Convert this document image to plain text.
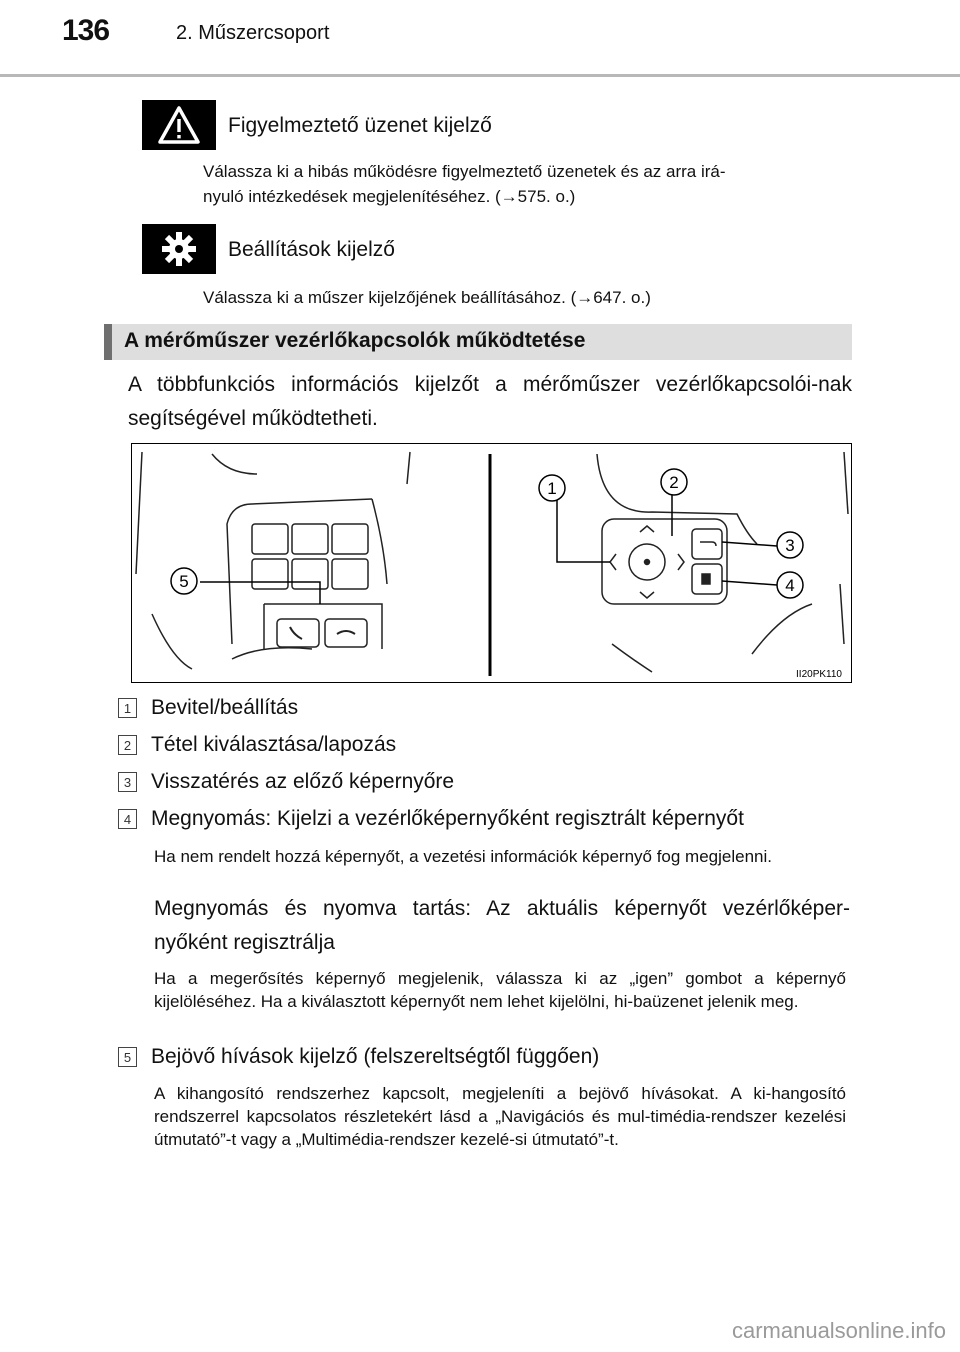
136	2. Műszercsoport
Figyelmeztető üzenet kijelző
Válassza ki a hibás működésre figyelmeztető üzenetek és az arra irá-
nyuló intézkedések megjelenítéséhez. (→575. o.)
Beállítások kijelző
Válassza ki a műszer kijelzőjének beállításához. (→647. o.)
A mérőműszer vezérlőkapcsolók működtetése
A többfunkciós információs kijelzőt a mérőműszer vezérlőkapcsolói-nak segítségével működtetheti.
1	2
3
4
5
II20PK110
1 Bevitel/beállítás
2 Tétel kiválasztása/lapozás
3 Visszatérés az előző képernyőre
4 Megnyomás: Kijelzi a vezérlőképernyőként regisztrált képernyőt
Ha nem rendelt hozzá képernyőt, a vezetési információk képernyő fog megjelenni.
Megnyomás és nyomva tartás: Az aktuális képernyőt vezérlőképer-nyőként regisztrálja
Ha a megerősítés képernyő megjelenik, válassza ki az „igen” gombot a képernyő kijelöléséhez. Ha a kiválasztott képernyőt nem lehet kijelölni, hi-baüzenet jelenik meg.
5 Bejövő hívások kijelző (felszereltségtől függően)
A kihangosító rendszerhez kapcsolt, megjeleníti a bejövő hívásokat. A ki-hangosító rendszerrel kapcsolatos részletekért lásd a „Navigációs és mul-timédia-rendszer kezelési útmutató”-t vagy a „Multimédia-rendszer kezelé-si útmutató”-t.
carmanualsonline.info
